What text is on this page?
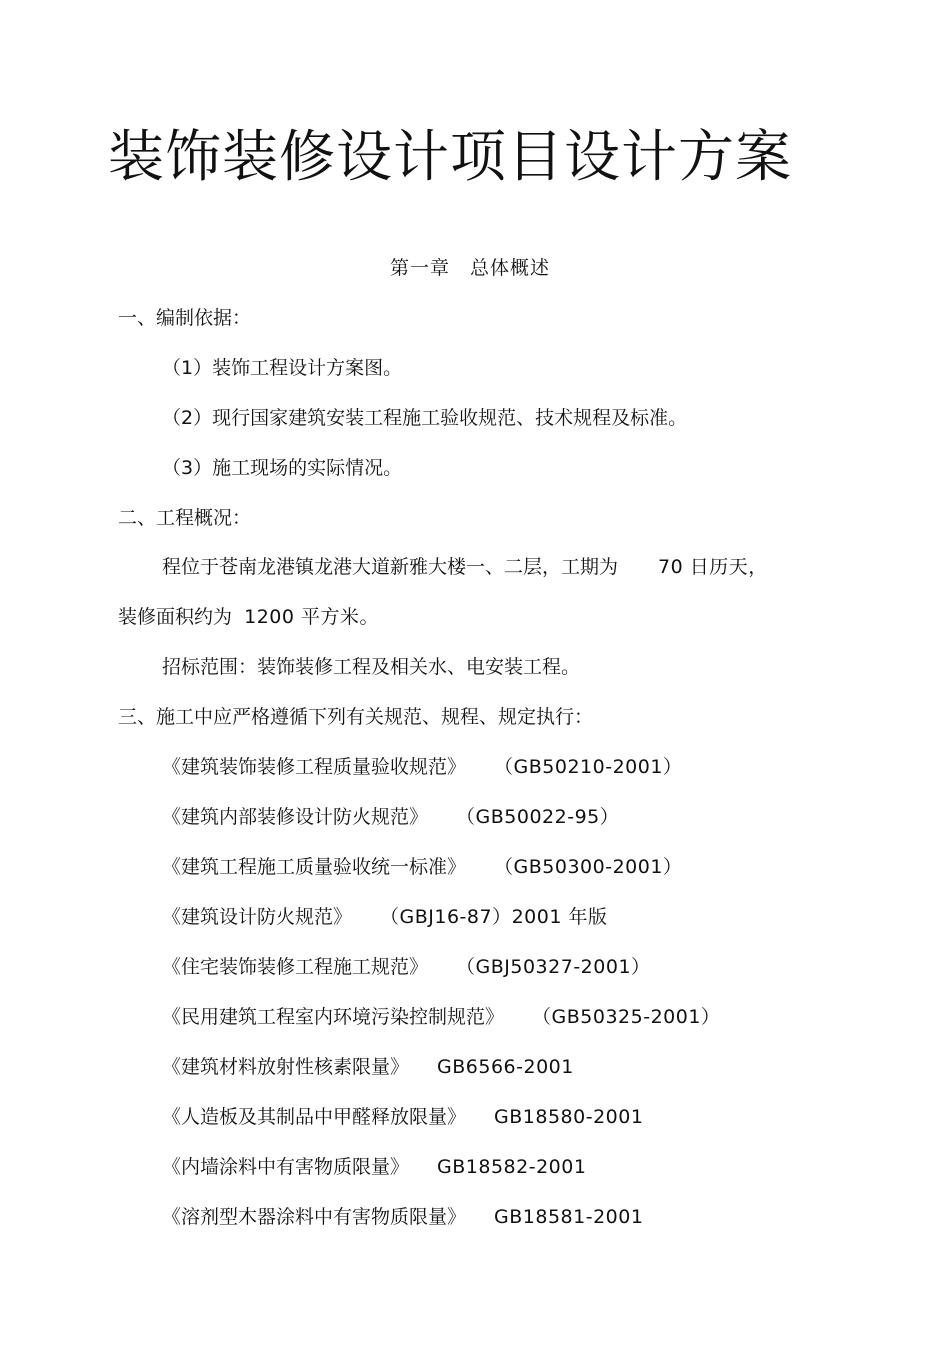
装饰装修设计项目设计方案
第一章 总体概述
一、编制依据：
（1）装饰工程设计方案图。
（2）现行国家建筑安装工程施工验收规范、技术规程及标准。
（3）施工现场的实际情况。
二、工程概况：
程位于苍南龙港镇龙港大道新雅大楼一、二层，工期为 70 日历天，
装修面积约为 1200 平方米。
招标范围：装饰装修工程及相关水、电安装工程。
三、施工中应严格遵循下列有关规范、规程、规定执行：
《建筑装饰装修工程质量验收规范》 （GB50210-2001）
《建筑内部装修设计防火规范》 （GB50022-95）
《建筑工程施工质量验收统一标准》 （GB50300-2001）
《建筑设计防火规范》 （GBJ16-87）2001 年版
《住宅装饰装修工程施工规范》 （GBJ50327-2001）
《民用建筑工程室内环境污染控制规范》 （GB50325-2001）
《建筑材料放射性核素限量》 GB6566-2001
《人造板及其制品中甲醛释放限量》 GB18580-2001
《内墙涂料中有害物质限量》 GB18582-2001
《溶剂型木器涂料中有害物质限量》 GB18581-2001
